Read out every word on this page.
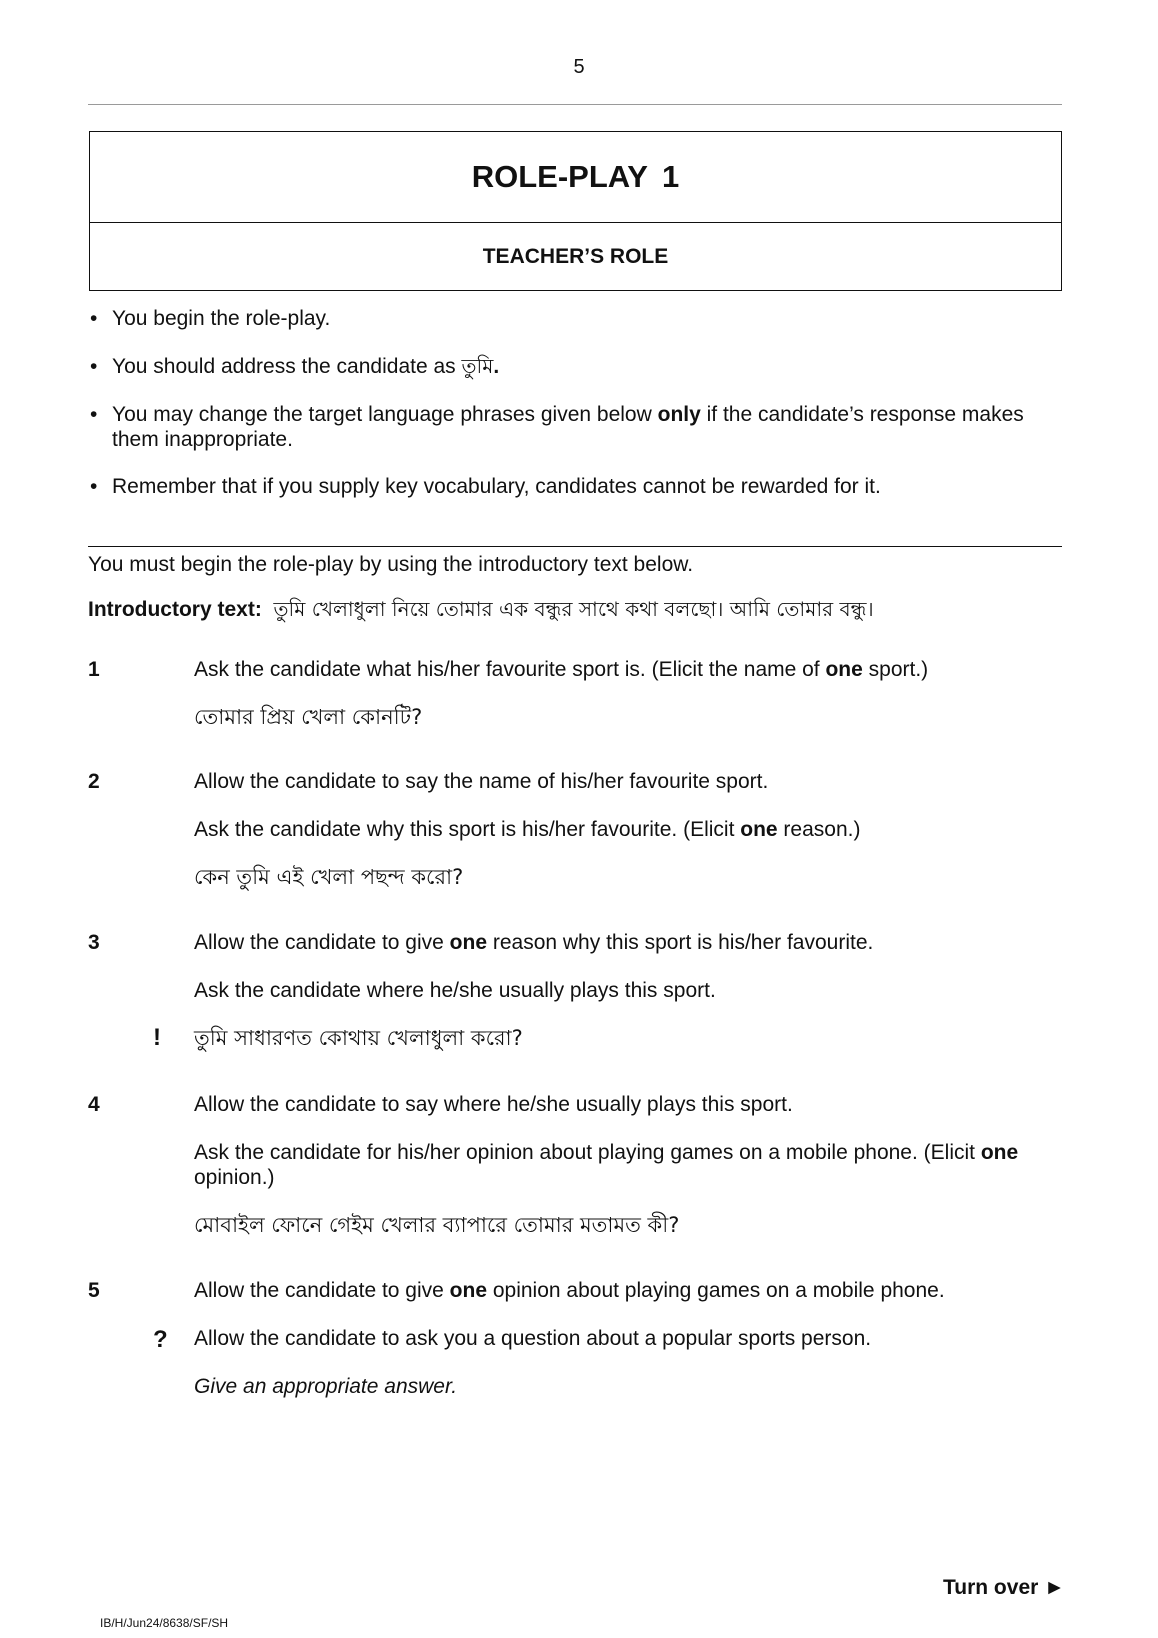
5
ROLE-PLAY 1
TEACHER’S ROLE
• You begin the role-play.
• You should address the candidate as তুমি.
• You may change the target language phrases given below only if the candidate’s response makes them inappropriate.
• Remember that if you supply key vocabulary, candidates cannot be rewarded for it.
You must begin the role-play by using the introductory text below.
Introductory text: তুমি খেলাধুলা নিয়ে তোমার এক বন্ধুর সাথে কথা বলছো। আমি তোমার বন্ধু।
1	Ask the candidate what his/her favourite sport is. (Elicit the name of one sport.)
তোমার প্রিয় খেলা কোনটি?
2	Allow the candidate to say the name of his/her favourite sport.
Ask the candidate why this sport is his/her favourite. (Elicit one reason.)
কেন তুমি এই খেলা পছন্দ করো?
3	Allow the candidate to give one reason why this sport is his/her favourite.
Ask the candidate where he/she usually plays this sport.
! তুমি সাধারণত কোথায় খেলাধুলা করো?
4	Allow the candidate to say where he/she usually plays this sport.
Ask the candidate for his/her opinion about playing games on a mobile phone. (Elicit one opinion.)
মোবাইল ফোনে গেইম খেলার ব্যাপারে তোমার মতামত কী?
5	Allow the candidate to give one opinion about playing games on a mobile phone.
? Allow the candidate to ask you a question about a popular sports person.
Give an appropriate answer.
Turn over ►
IB/H/Jun24/8638/SF/SH
